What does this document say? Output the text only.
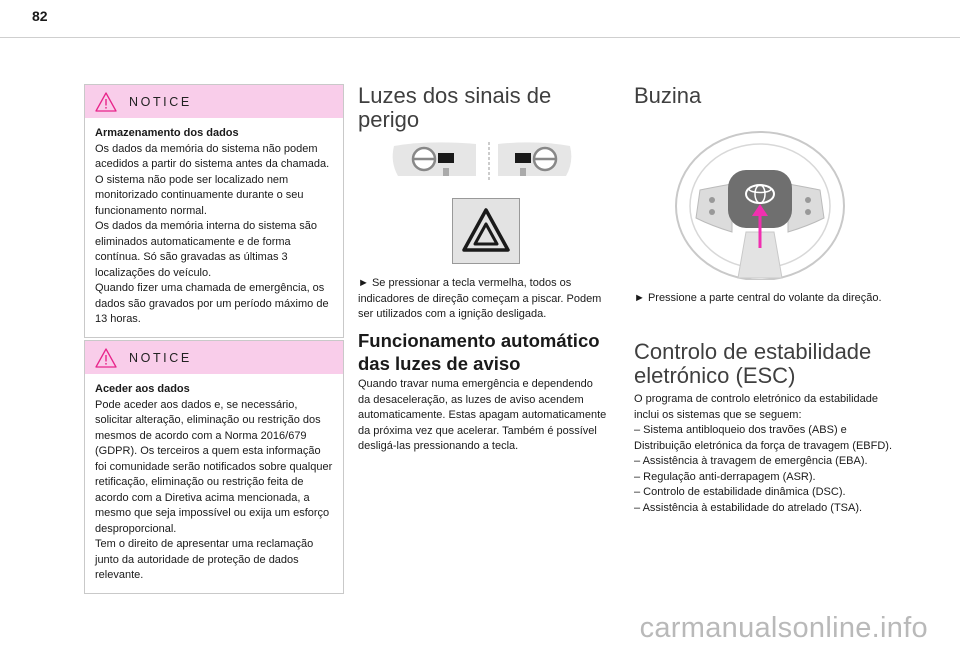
82
NOTICE
Armazenamento dos dados

Os dados da memória do sistema não podem acedidos a partir do sistema antes da chamada. O sistema não pode ser localizado nem monitorizado continuamente durante o seu funcionamento normal.

Os dados da memória interna do sistema são eliminados automaticamente e de forma contínua. Só são gravadas as últimas 3 localizações do veículo.

Quando fizer uma chamada de emergência, os dados são gravados por um período máximo de 13 horas.

NOTICE
Aceder aos dados

Pode aceder aos dados e, se necessário, solicitar alteração, eliminação ou restrição dos mesmos de acordo com a Norma 2016/679 (GDPR). Os terceiros a quem esta informação foi comunidade serão notificados sobre qualquer retificação, eliminação ou restrição feita de acordo com a Diretiva acima mencionada, a mesmo que seja impossível ou exija um esforço desproporcional.

Tem o direito de apresentar uma reclamação junto da autoridade de proteção de dados relevante.

Luzes dos sinais de perigo

► Se pressionar a tecla vermelha, todos os indicadores de direção começam a piscar. Podem ser utilizados com a ignição desligada.

Funcionamento automático das luzes de aviso

Quando travar numa emergência e dependendo da desaceleração, as luzes de aviso acendem automaticamente. Estas apagam automaticamente da próxima vez que acelerar. Também é possível desligá-las pressionando a tecla.

Buzina

► Pressione a parte central do volante da direção.

Controlo de estabilidade eletrónico (ESC)

O programa de controlo eletrónico da estabilidade inclui os sistemas que se seguem:

– Sistema antibloqueio dos travões (ABS) e Distribuição eletrónica da força de travagem (EBFD).

– Assistência à travagem de emergência (EBA).

– Regulação anti-derrapagem (ASR).

– Controlo de estabilidade dinâmica (DSC).

– Assistência à estabilidade do atrelado (TSA).

carmanualsonline.info
